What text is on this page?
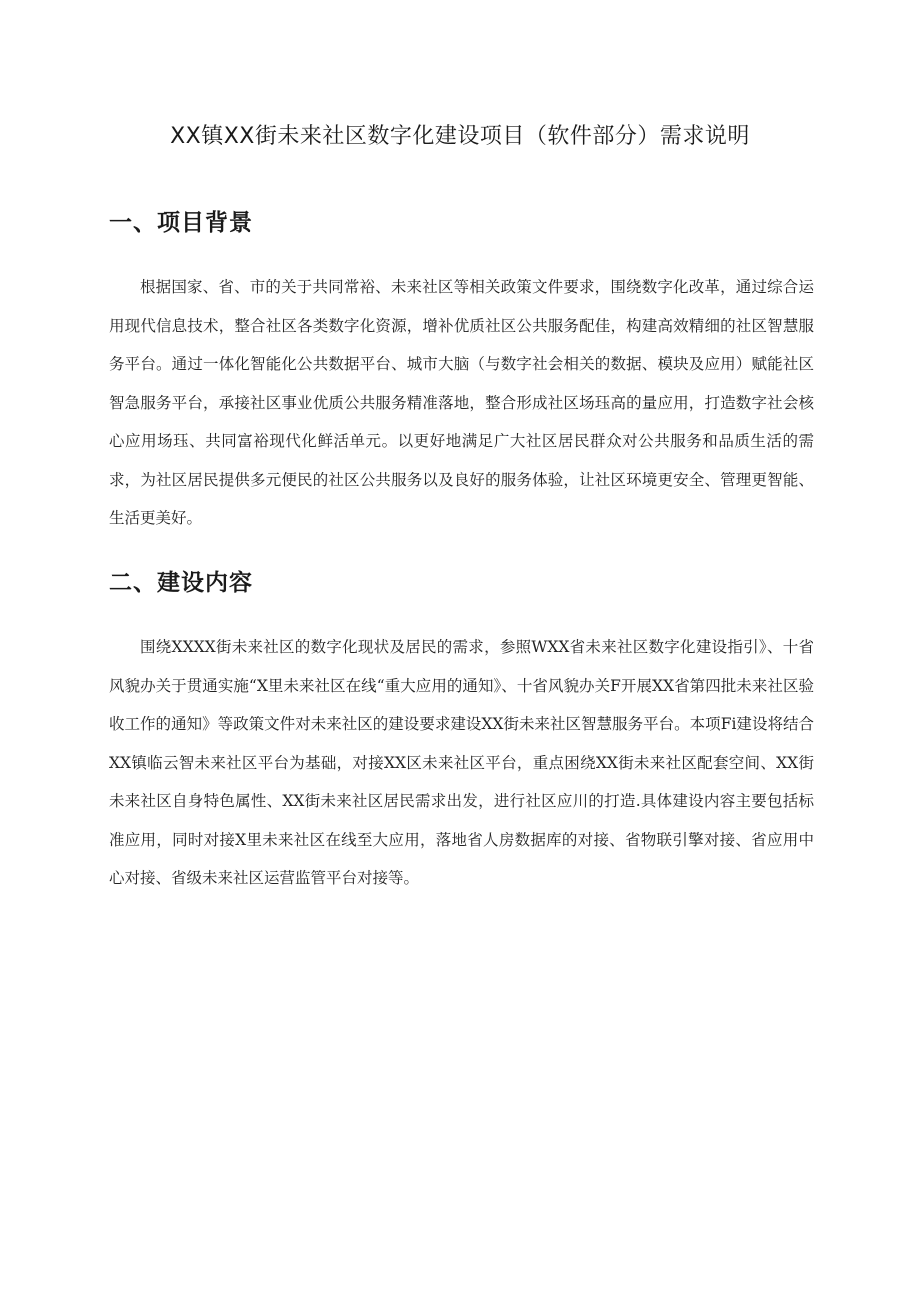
XX镇XX街未来社区数字化建设项目（软件部分）需求说明
一、项目背景

根据国家、省、市的关于共同常裕、未来社区等相关政策文件要求，围绕数字化改革，通过综合运用现代信息技术，整合社区各类数字化资源，增补优质社区公共服务配佳，构建高效精细的社区智慧服务平台。通过一体化智能化公共数据平台、城市大脑（与数字社会相关的数据、模块及应用）赋能社区智急服务平台，承接社区事业优质公共服务精准落地，整合形成社区场珏高的量应用，打造数字社会核心应用场珏、共同富裕现代化鲜活单元。以更好地满足广大社区居民群众对公共服务和品质生活的需求，为社区居民提供多元便民的社区公共服务以及良好的服务体验，让社区环境更安全、管理更智能、生活更美好。

二、建设内容

围绕XXXX街未来社区的数字化现状及居民的需求，参照WXX省未来社区数字化建设指引》、十省风貌办关于贯通实施“X里未来社区在线“重大应用的通知》、十省风貌办关F开展XX省第四批未来社区验收工作的通知》等政策文件对未来社区的建设要求建设XX街未来社区智慧服务平台。本项Fi建设将结合XX镇临云智未来社区平台为基础，对接XX区未来社区平台，重点困绕XX街未来社区配套空间、XX街未来社区自身特色属性、XX街未来社区居民需求出发，进行社区应川的打造.具体建设内容主要包括标准应用，同时对接X里未来社区在线至大应用，落地省人房数据库的对接、省物联引擎对接、省应用中心对接、省级未来社区运营监管平台对接等。
